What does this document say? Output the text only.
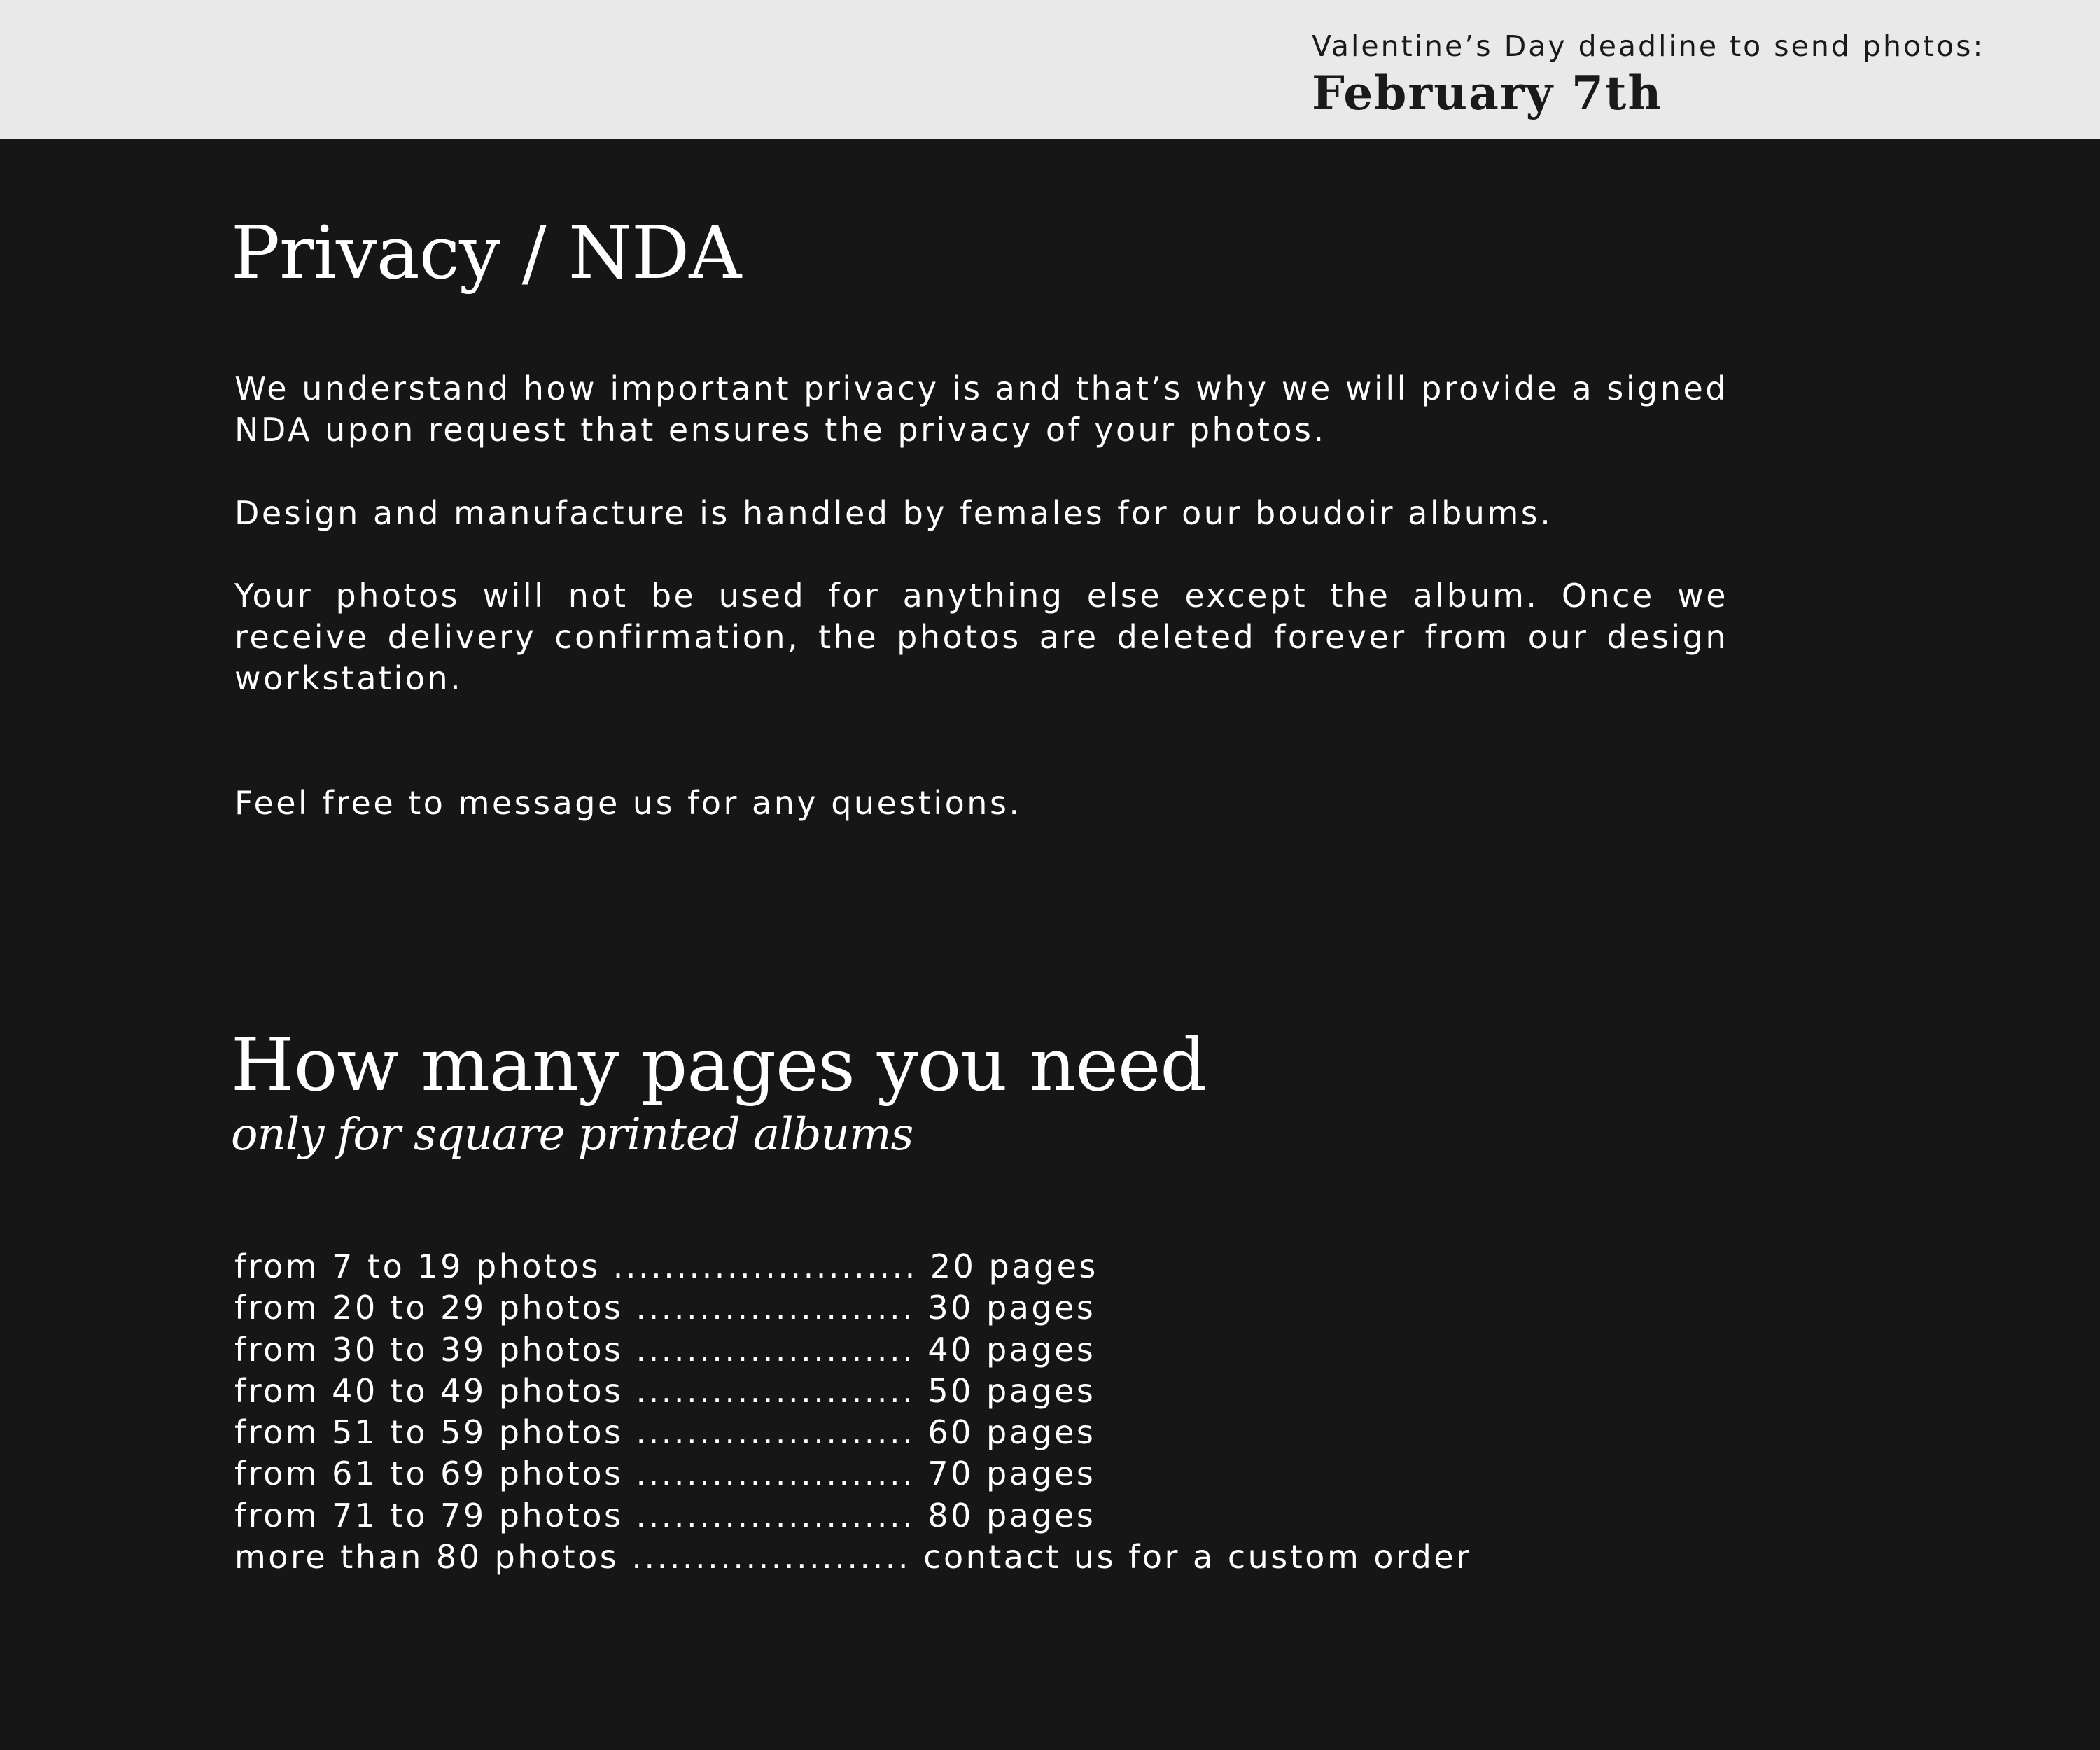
Valentine’s Day deadline to send photos:
February 7th
Privacy / NDA

We understand how important privacy is and that’s why we will provide a signed NDA upon request that ensures the privacy of your photos.

Design and manufacture is handled by females for our boudoir albums.

Your photos will not be used for anything else except the album. Once we receive delivery confirmation, the photos are deleted forever from our design workstation.

Feel free to message us for any questions.

How many pages you need
only for square printed albums
from 7 to 19 photos ........................ 20 pages
from 20 to 29 photos ...................... 30 pages
from 30 to 39 photos ...................... 40 pages
from 40 to 49 photos ...................... 50 pages
from 51 to 59 photos ...................... 60 pages
from 61 to 69 photos ...................... 70 pages
from 71 to 79 photos ...................... 80 pages
more than 80 photos ...................... contact us for a custom order
